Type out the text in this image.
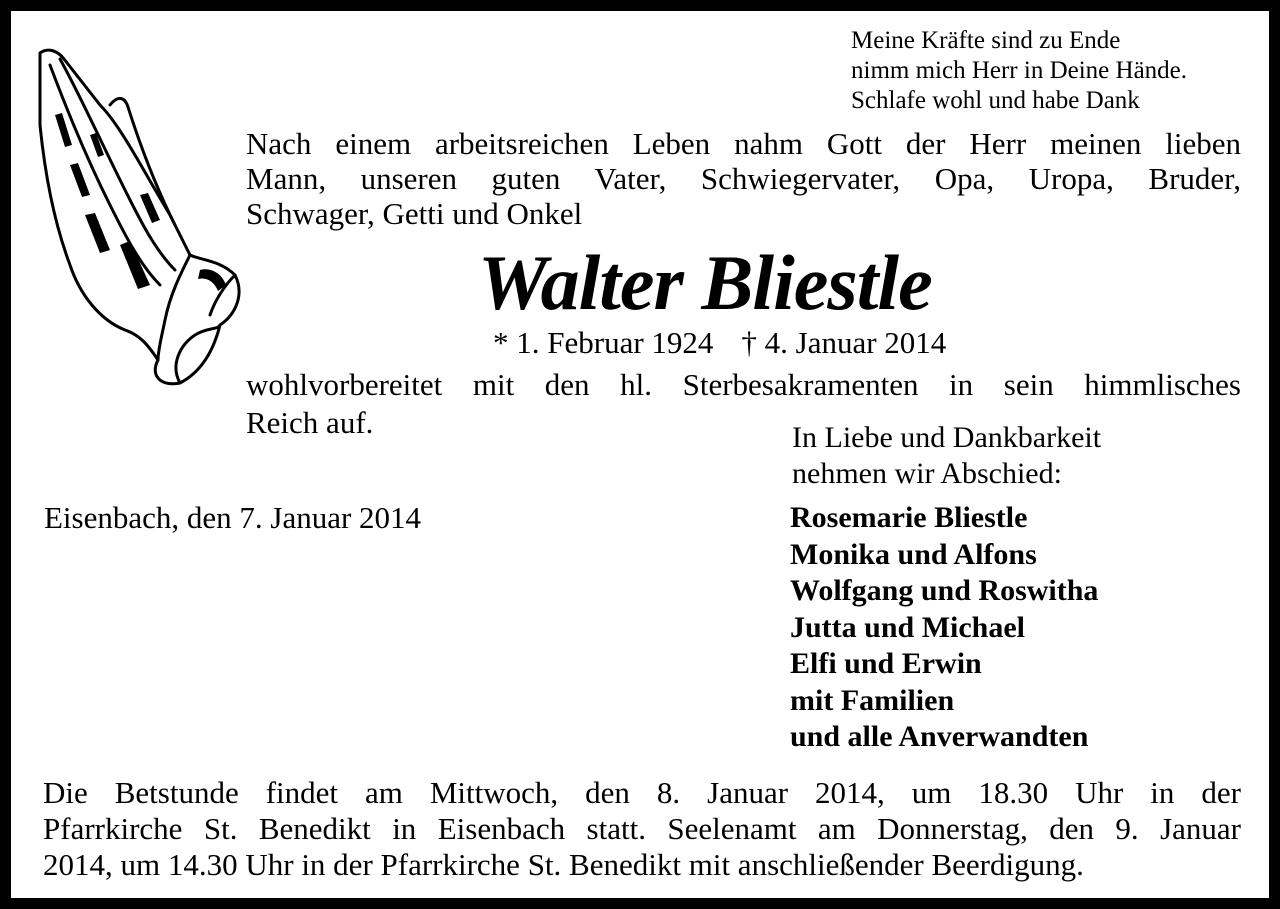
Meine Kräfte sind zu Ende
nimm mich Herr in Deine Hände.
Schlafe wohl und habe Dank
Nach einem arbeitsreichen Leben nahm Gott der Herr meinen lieben
Mann, unseren guten Vater, Schwiegervater, Opa, Uropa, Bruder,
Schwager, Getti und Onkel
Walter Bliestle
* 1. Februar 1924 † 4. Januar 2014
wohlvorbereitet mit den hl. Sterbesakramenten in sein himmlisches
Reich auf.	In Liebe und Dankbarkeit
nehmen wir Abschied:
Eisenbach, den 7. Januar 2014	Rosemarie Bliestle
Monika und Alfons
Wolfgang und Roswitha
Jutta und Michael
Elfi und Erwin
mit Familien
und alle Anverwandten
Die Betstunde findet am Mittwoch, den 8. Januar 2014, um 18.30 Uhr in der
Pfarrkirche St. Benedikt in Eisenbach statt. Seelenamt am Donnerstag, den 9. Januar
2014, um 14.30 Uhr in der Pfarrkirche St. Benedikt mit anschließender Beerdigung.
